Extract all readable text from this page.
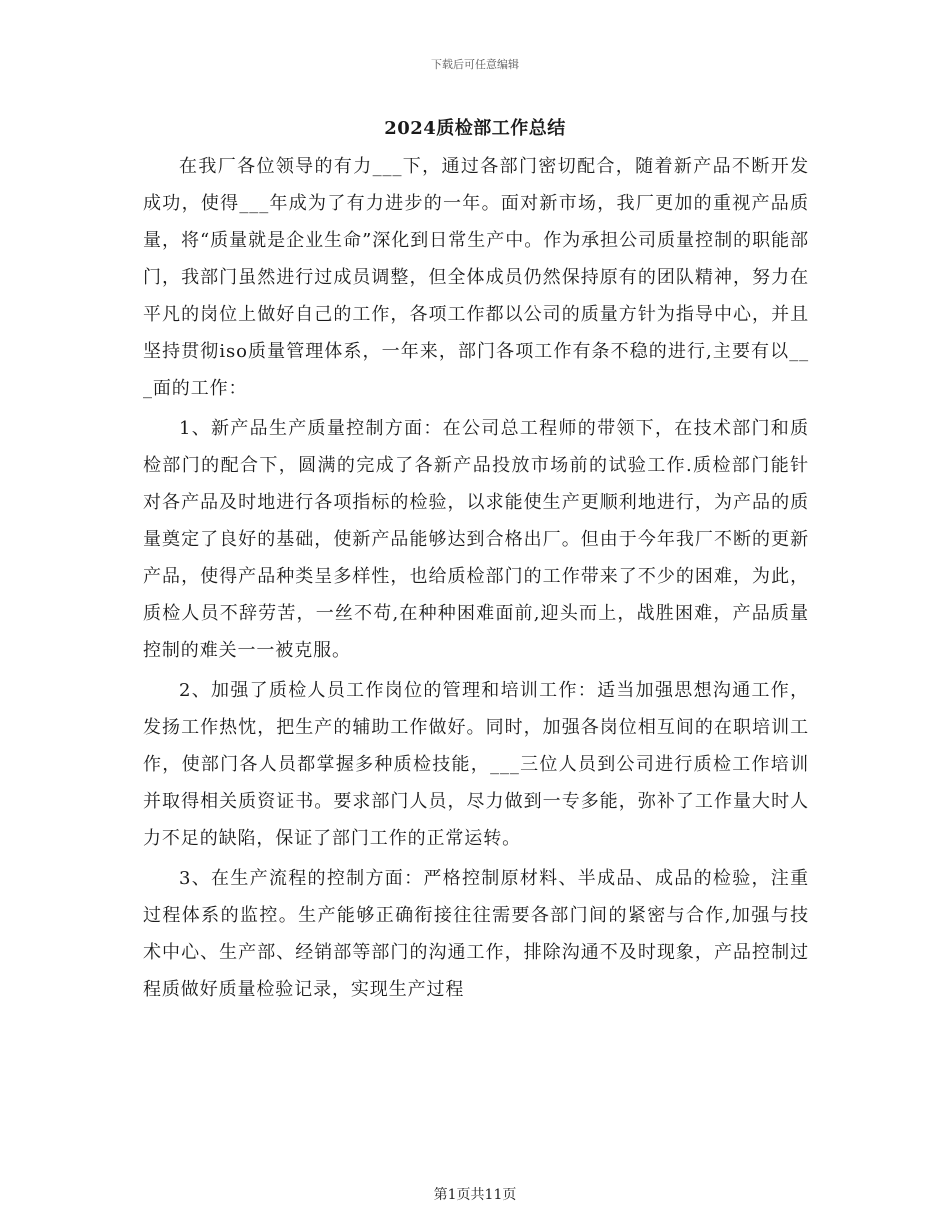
下载后可任意编辑
2024质检部工作总结

在我厂各位领导的有力___下，通过各部门密切配合，随着新产品不断开发成功，使得___年成为了有力进步的一年。面对新市场，我厂更加的重视产品质量，将“质量就是企业生命”深化到日常生产中。作为承担公司质量控制的职能部门，我部门虽然进行过成员调整，但全体成员仍然保持原有的团队精神，努力在平凡的岗位上做好自己的工作，各项工作都以公司的质量方针为指导中心，并且坚持贯彻iso质量管理体系，一年来，部门各项工作有条不稳的进行,主要有以___面的工作：

1、新产品生产质量控制方面：在公司总工程师的带领下，在技术部门和质检部门的配合下，圆满的完成了各新产品投放市场前的试验工作.质检部门能针对各产品及时地进行各项指标的检验，以求能使生产更顺利地进行，为产品的质量奠定了良好的基础，使新产品能够达到合格出厂。但由于今年我厂不断的更新产品，使得产品种类呈多样性，也给质检部门的工作带来了不少的困难，为此，质检人员不辞劳苦，一丝不苟,在种种困难面前,迎头而上，战胜困难，产品质量控制的难关一一被克服。

2、加强了质检人员工作岗位的管理和培训工作：适当加强思想沟通工作，发扬工作热忱，把生产的辅助工作做好。同时，加强各岗位相互间的在职培训工作，使部门各人员都掌握多种质检技能，___三位人员到公司进行质检工作培训并取得相关质资证书。要求部门人员，尽力做到一专多能，弥补了工作量大时人力不足的缺陷，保证了部门工作的正常运转。

3、在生产流程的控制方面：严格控制原材料、半成品、成品的检验，注重过程体系的监控。生产能够正确衔接往往需要各部门间的紧密与合作,加强与技术中心、生产部、经销部等部门的沟通工作，排除沟通不及时现象，产品控制过程质做好质量检验记录，实现生产过程

第1页共11页
